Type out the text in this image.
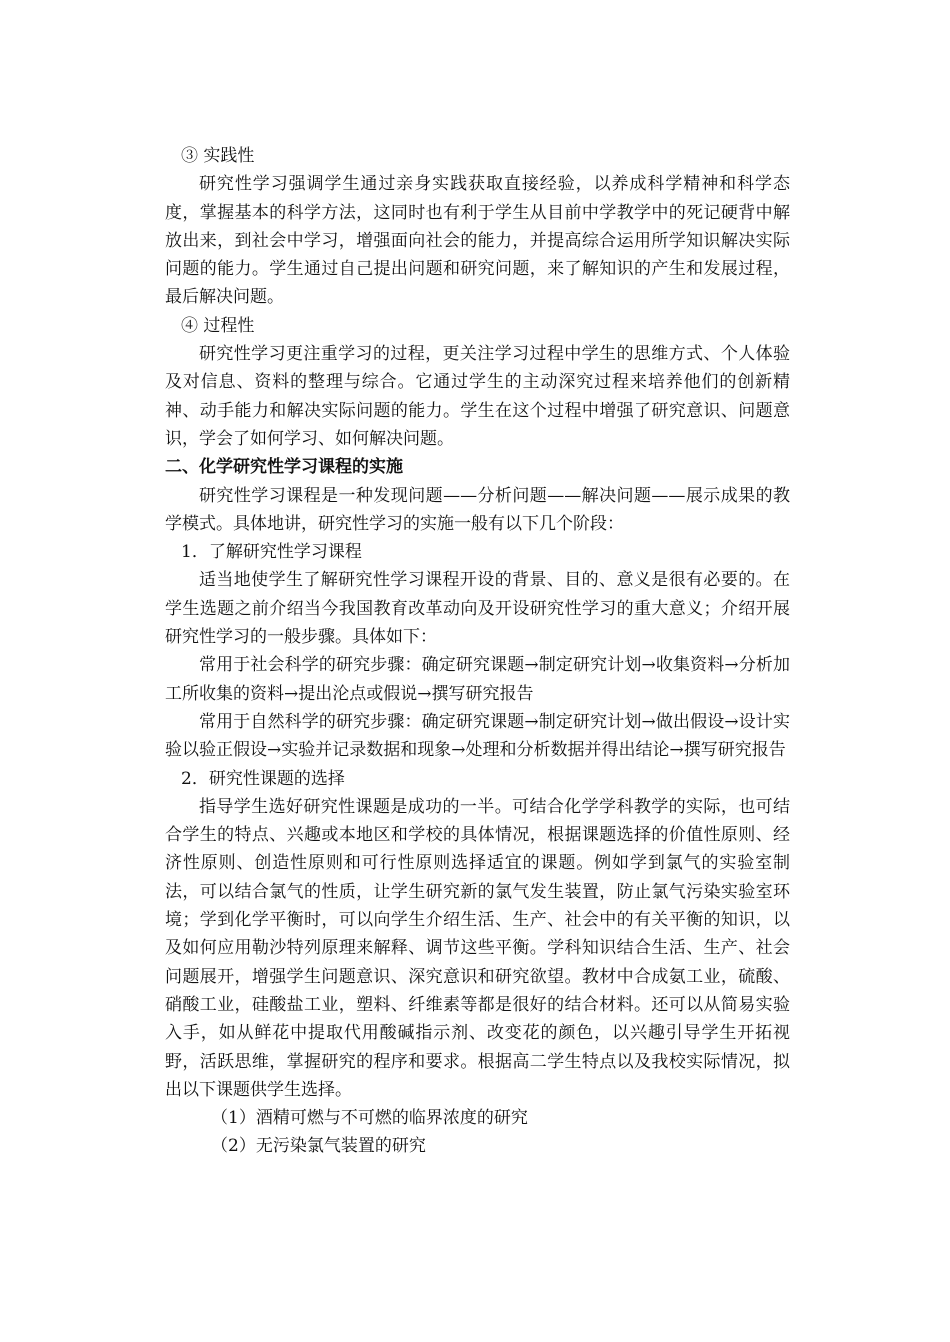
③ 实践性

研究性学习强调学生通过亲身实践获取直接经验，以养成科学精神和科学态度，掌握基本的科学方法，这同时也有利于学生从目前中学教学中的死记硬背中解放出来，到社会中学习，增强面向社会的能力，并提高综合运用所学知识解决实际问题的能力。学生通过自己提出问题和研究问题，来了解知识的产生和发展过程，最后解决问题。

④ 过程性

研究性学习更注重学习的过程，更关注学习过程中学生的思维方式、个人体验及对信息、资料的整理与综合。它通过学生的主动深究过程来培养他们的创新精神、动手能力和解决实际问题的能力。学生在这个过程中增强了研究意识、问题意识，学会了如何学习、如何解决问题。

二、化学研究性学习课程的实施

研究性学习课程是一种发现问题——分析问题——解决问题——展示成果的教学模式。具体地讲，研究性学习的实施一般有以下几个阶段：

1．了解研究性学习课程

适当地使学生了解研究性学习课程开设的背景、目的、意义是很有必要的。在学生选题之前介绍当今我国教育改革动向及开设研究性学习的重大意义；介绍开展研究性学习的一般步骤。具体如下：

常用于社会科学的研究步骤：确定研究课题→制定研究计划→收集资料→分析加工所收集的资料→提出沦点或假说→撰写研究报告

常用于自然科学的研究步骤：确定研究课题→制定研究计划→做出假设→设计实验以验正假设→实验并记录数据和现象→处理和分析数据并得出结论→撰写研究报告

2．研究性课题的选择

指导学生选好研究性课题是成功的一半。可结合化学学科教学的实际，也可结合学生的特点、兴趣或本地区和学校的具体情况，根据课题选择的价值性原则、经济性原则、创造性原则和可行性原则选择适宜的课题。例如学到氯气的实验室制法，可以结合氯气的性质，让学生研究新的氯气发生装置，防止氯气污染实验室环境；学到化学平衡时，可以向学生介绍生活、生产、社会中的有关平衡的知识，以及如何应用勒沙特列原理来解释、调节这些平衡。学科知识结合生活、生产、社会问题展开，增强学生问题意识、深究意识和研究欲望。教材中合成氨工业，硫酸、硝酸工业，硅酸盐工业，塑料、纤维素等都是很好的结合材料。还可以从简易实验入手，如从鲜花中提取代用酸碱指示剂、改变花的颜色，以兴趣引导学生开拓视野，活跃思维，掌握研究的程序和要求。根据高二学生特点以及我校实际情况，拟出以下课题供学生选择。

（1）酒精可燃与不可燃的临界浓度的研究

（2）无污染氯气装置的研究
